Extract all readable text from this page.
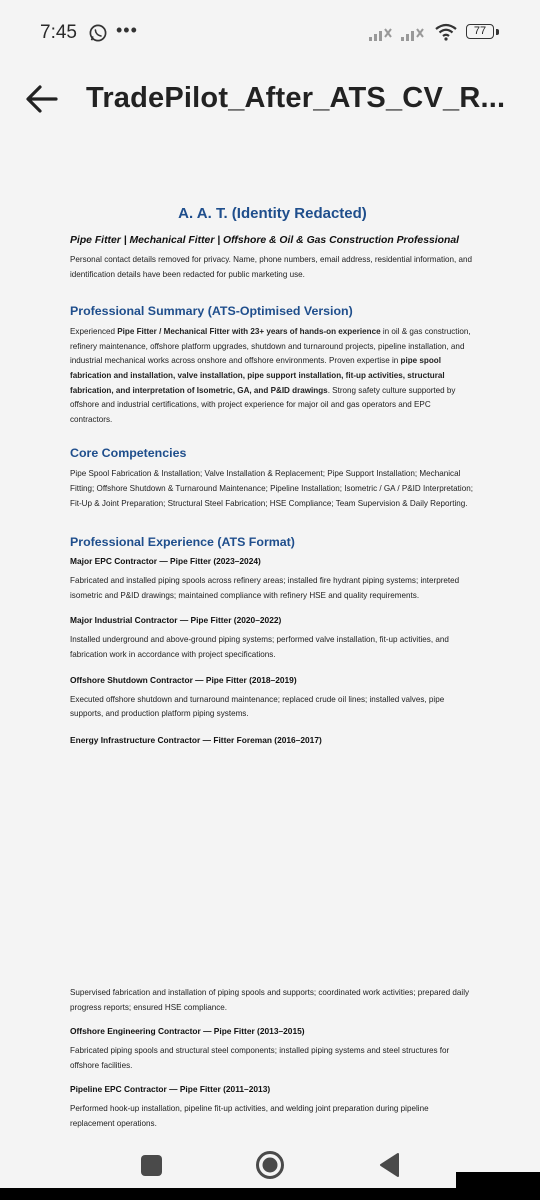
7:45 •••	77
TradePilot_After_ATS_CV_R...
A. A. T. (Identity Redacted)
Pipe Fitter | Mechanical Fitter | Offshore & Oil & Gas Construction Professional

Personal contact details removed for privacy. Name, phone numbers, email address, residential information, and identification details have been redacted for public marketing use.

Professional Summary (ATS-Optimised Version)

Experienced Pipe Fitter / Mechanical Fitter with 23+ years of hands-on experience in oil & gas construction, refinery maintenance, offshore platform upgrades, shutdown and turnaround projects, pipeline installation, and industrial mechanical works across onshore and offshore environments. Proven expertise in pipe spool fabrication and installation, valve installation, pipe support installation, fit-up activities, structural fabrication, and interpretation of Isometric, GA, and P&ID drawings. Strong safety culture supported by offshore and industrial certifications, with project experience for major oil and gas operators and EPC contractors.

Core Competencies

Pipe Spool Fabrication & Installation; Valve Installation & Replacement; Pipe Support Installation; Mechanical Fitting; Offshore Shutdown & Turnaround Maintenance; Pipeline Installation; Isometric / GA / P&ID Interpretation; Fit-Up & Joint Preparation; Structural Steel Fabrication; HSE Compliance; Team Supervision & Daily Reporting.

Professional Experience (ATS Format)
Major EPC Contractor — Pipe Fitter (2023–2024)

Fabricated and installed piping spools across refinery areas; installed fire hydrant piping systems; interpreted isometric and P&ID drawings; maintained compliance with refinery HSE and quality requirements.

Major Industrial Contractor — Pipe Fitter (2020–2022)

Installed underground and above-ground piping systems; performed valve installation, fit-up activities, and fabrication work in accordance with project specifications.

Offshore Shutdown Contractor — Pipe Fitter (2018–2019)

Executed offshore shutdown and turnaround maintenance; replaced crude oil lines; installed valves, pipe supports, and production platform piping systems.

Energy Infrastructure Contractor — Fitter Foreman (2016–2017)

Supervised fabrication and installation of piping spools and supports; coordinated work activities; prepared daily progress reports; ensured HSE compliance.

Offshore Engineering Contractor — Pipe Fitter (2013–2015)

Fabricated piping spools and structural steel components; installed piping systems and steel structures for offshore facilities.

Pipeline EPC Contractor — Pipe Fitter (2011–2013)

Performed hook-up installation, pipeline fit-up activities, and welding joint preparation during pipeline replacement operations.
